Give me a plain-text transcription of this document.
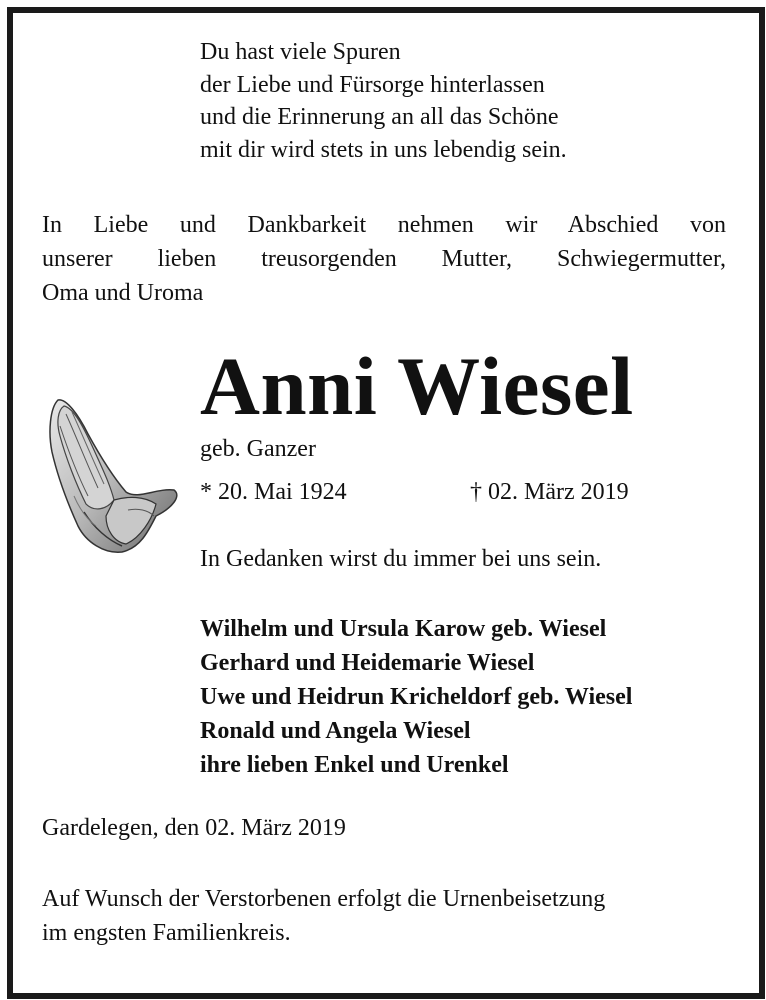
Du hast viele Spuren
der Liebe und Fürsorge hinterlassen
und die Erinnerung an all das Schöne
mit dir wird stets in uns lebendig sein.
In Liebe und Dankbarkeit nehmen wir Abschied von
unserer lieben treusorgenden Mutter, Schwiegermutter,
Oma und Uroma
Anni Wiesel
geb. Ganzer
* 20. Mai 1924	† 02. März 2019
In Gedanken wirst du immer bei uns sein.
Wilhelm und Ursula Karow geb. Wiesel
Gerhard und Heidemarie Wiesel
Uwe und Heidrun Kricheldorf geb. Wiesel
Ronald und Angela Wiesel
ihre lieben Enkel und Urenkel
Gardelegen, den 02. März 2019
Auf Wunsch der Verstorbenen erfolgt die Urnenbeisetzung
im engsten Familienkreis.
